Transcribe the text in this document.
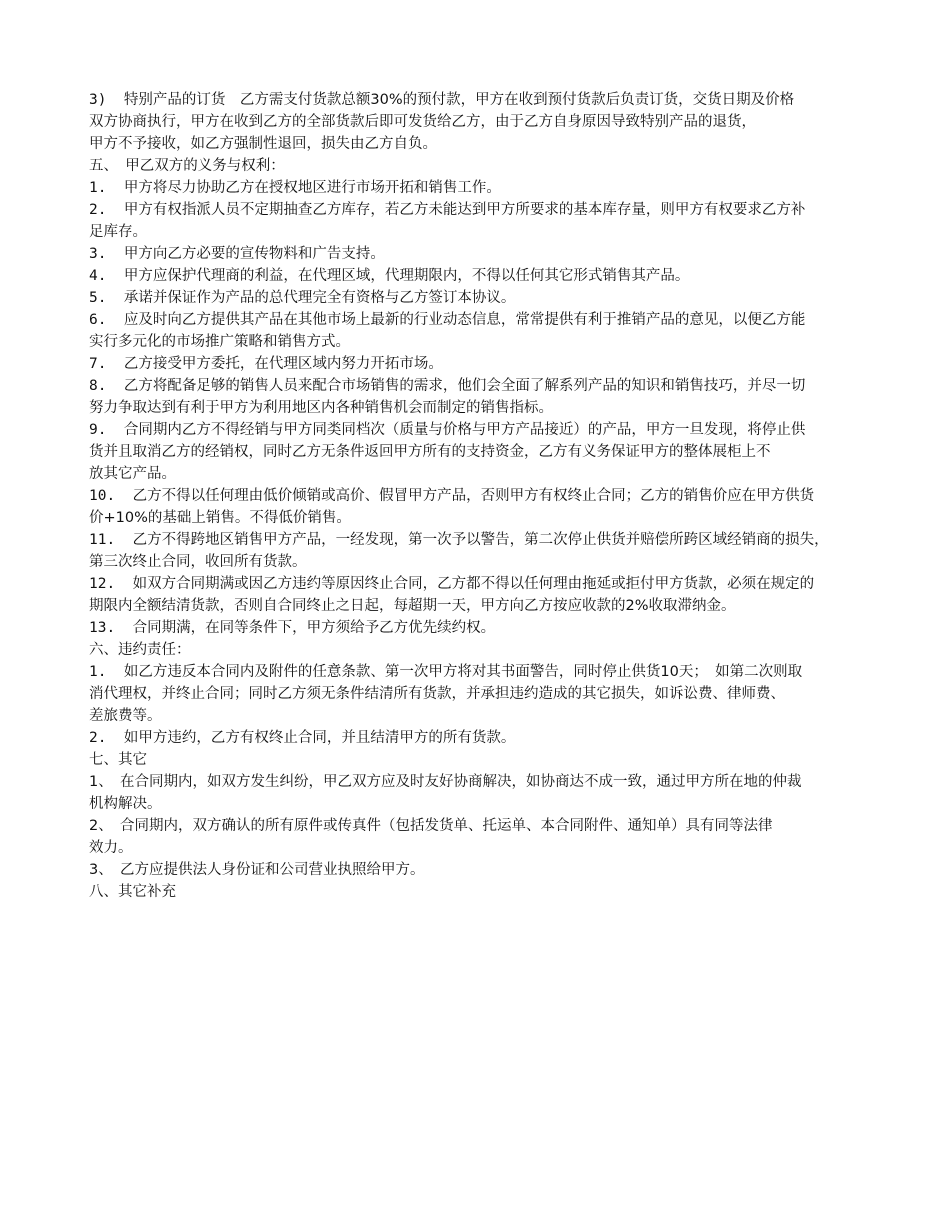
3) 特别产品的订货　乙方需支付货款总额30%的预付款，甲方在收到预付货款后负责订货，交货日期及价格
双方协商执行，甲方在收到乙方的全部货款后即可发货给乙方，由于乙方自身原因导致特别产品的退货，
甲方不予接收，如乙方强制性退回，损失由乙方自负。
五、　甲乙双方的义务与权利：
1. 甲方将尽力协助乙方在授权地区进行市场开拓和销售工作。
2. 甲方有权指派人员不定期抽查乙方库存，若乙方未能达到甲方所要求的基本库存量，则甲方有权要求乙方补
足库存。
3. 甲方向乙方必要的宣传物料和广告支持。
4. 甲方应保护代理商的利益，在代理区域，代理期限内，不得以任何其它形式销售其产品。
5. 承诺并保证作为产品的总代理完全有资格与乙方签订本协议。
6. 应及时向乙方提供其产品在其他市场上最新的行业动态信息，常常提供有利于推销产品的意见，以便乙方能
实行多元化的市场推广策略和销售方式。
7. 乙方接受甲方委托，在代理区域内努力开拓市场。
8. 乙方将配备足够的销售人员来配合市场销售的需求，他们会全面了解系列产品的知识和销售技巧，并尽一切
努力争取达到有利于甲方为利用地区内各种销售机会而制定的销售指标。
9. 合同期内乙方不得经销与甲方同类同档次（质量与价格与甲方产品接近）的产品，甲方一旦发现，将停止供
货并且取消乙方的经销权，同时乙方无条件返回甲方所有的支持资金，乙方有义务保证甲方的整体展柜上不
放其它产品。
10. 乙方不得以任何理由低价倾销或高价、假冒甲方产品，否则甲方有权终止合同；乙方的销售价应在甲方供货
价+10%的基础上销售。不得低价销售。
11. 乙方不得跨地区销售甲方产品，一经发现，第一次予以警告，第二次停止供货并赔偿所跨区域经销商的损失，
第三次终止合同，收回所有货款。
12. 如双方合同期满或因乙方违约等原因终止合同，乙方都不得以任何理由拖延或拒付甲方货款，必须在规定的
期限内全额结清货款，否则自合同终止之日起，每超期一天，甲方向乙方按应收款的2%收取滞纳金。
13. 合同期满，在同等条件下，甲方须给予乙方优先续约权。
六、违约责任：
1. 如乙方违反本合同内及附件的任意条款、第一次甲方将对其书面警告，同时停止供货10天；　如第二次则取
消代理权，并终止合同；同时乙方须无条件结清所有货款，并承担违约造成的其它损失，如诉讼费、律师费、
差旅费等。
2. 如甲方违约，乙方有权终止合同，并且结清甲方的所有货款。
七、其它
1、　在合同期内，如双方发生纠纷，甲乙双方应及时友好协商解决，如协商达不成一致，通过甲方所在地的仲裁
机构解决。
2、　合同期内，双方确认的所有原件或传真件（包括发货单、托运单、本合同附件、通知单）具有同等法律
效力。
3、　乙方应提供法人身份证和公司营业执照给甲方。
八、其它补充
